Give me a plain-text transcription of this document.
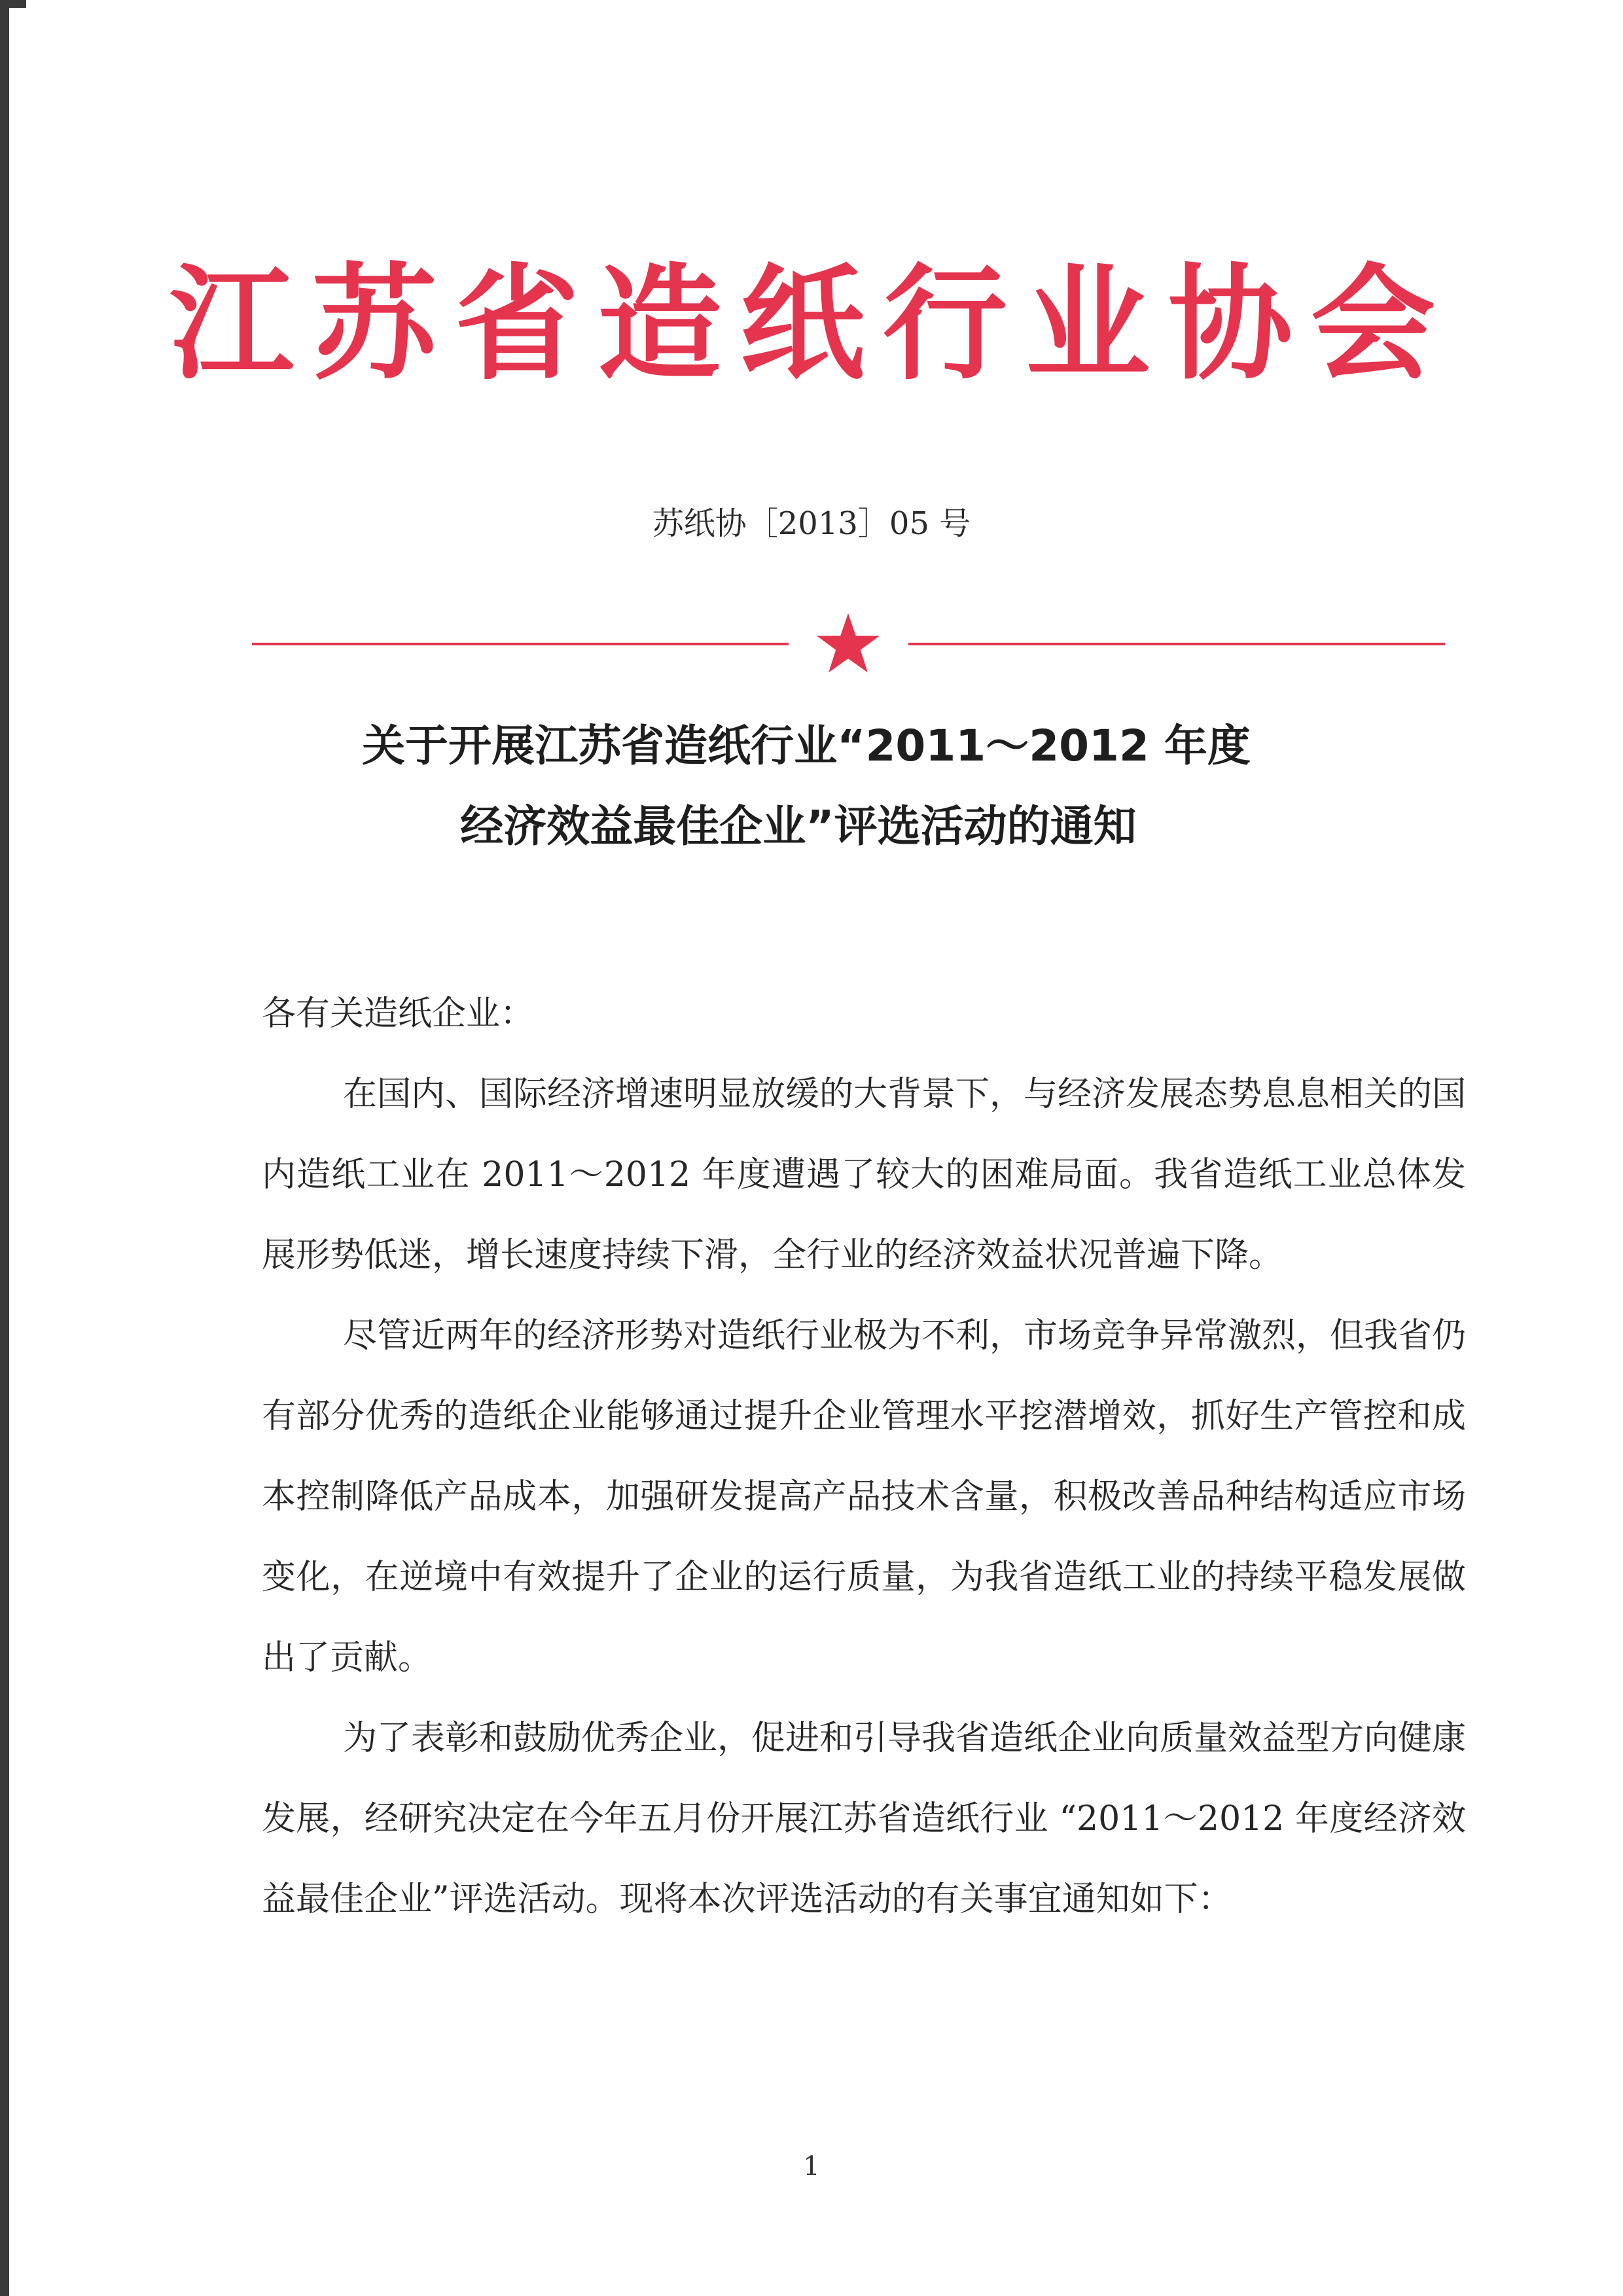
江苏省造纸行业协会
苏纸协［2013］05 号
关于开展江苏省造纸行业“2011～2012 年度
经济效益最佳企业”评选活动的通知

各有关造纸企业：

在国内、国际经济增速明显放缓的大背景下，与经济发展态势息息相关的国内造纸工业在 2011～2012 年度遭遇了较大的困难局面。我省造纸工业总体发展形势低迷，增长速度持续下滑，全行业的经济效益状况普遍下降。

尽管近两年的经济形势对造纸行业极为不利，市场竞争异常激烈，但我省仍有部分优秀的造纸企业能够通过提升企业管理水平挖潜增效，抓好生产管控和成本控制降低产品成本，加强研发提高产品技术含量，积极改善品种结构适应市场变化，在逆境中有效提升了企业的运行质量，为我省造纸工业的持续平稳发展做出了贡献。

为了表彰和鼓励优秀企业，促进和引导我省造纸企业向质量效益型方向健康发展，经研究决定在今年五月份开展江苏省造纸行业 “2011～2012 年度经济效益最佳企业”评选活动。现将本次评选活动的有关事宜通知如下：

1
